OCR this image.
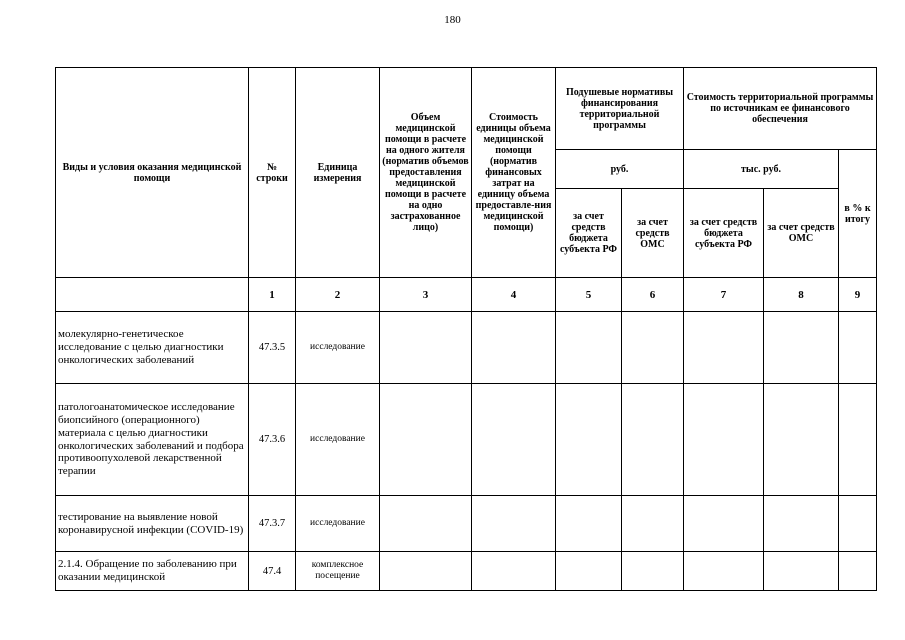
180
Виды и условия оказания медицинской помощи	№ строки	Единица измерения	Объем медицинской помощи в расчете на одного жителя (норматив объемов предоставления медицинской помощи в расчете на одно застрахованное лицо)	Стоимость единицы объема медицинской помощи (норматив финансовых затрат на единицу объема предоставле-ния медицинской помощи)	Подушевые нормативы финансирования территориальной программы		Стоимость территориальной программы по источникам ее финансового обеспечения		
					руб.		тыс. руб.		в % к итогу
					за счет средств бюджета субъекта РФ	за счет средств ОМС	за счет средств бюджета субъекта РФ	за счет средств ОМС	
	1	2	3	4	5	6	7	8	9
молекулярно-генетическое исследование с целью диагностики онкологических заболеваний	47.3.5	исследование							
патологоанатомическое исследование биопсийного (операционного) материала с целью диагностики онкологических заболеваний и подбора противоопухолевой лекарственной терапии	47.3.6	исследование							
тестирование на выявление новой коронавирусной инфекции (COVID-19)	47.3.7	исследование							
2.1.4. Обращение по заболеванию при оказании медицинской	47.4	комплексное посещение							
